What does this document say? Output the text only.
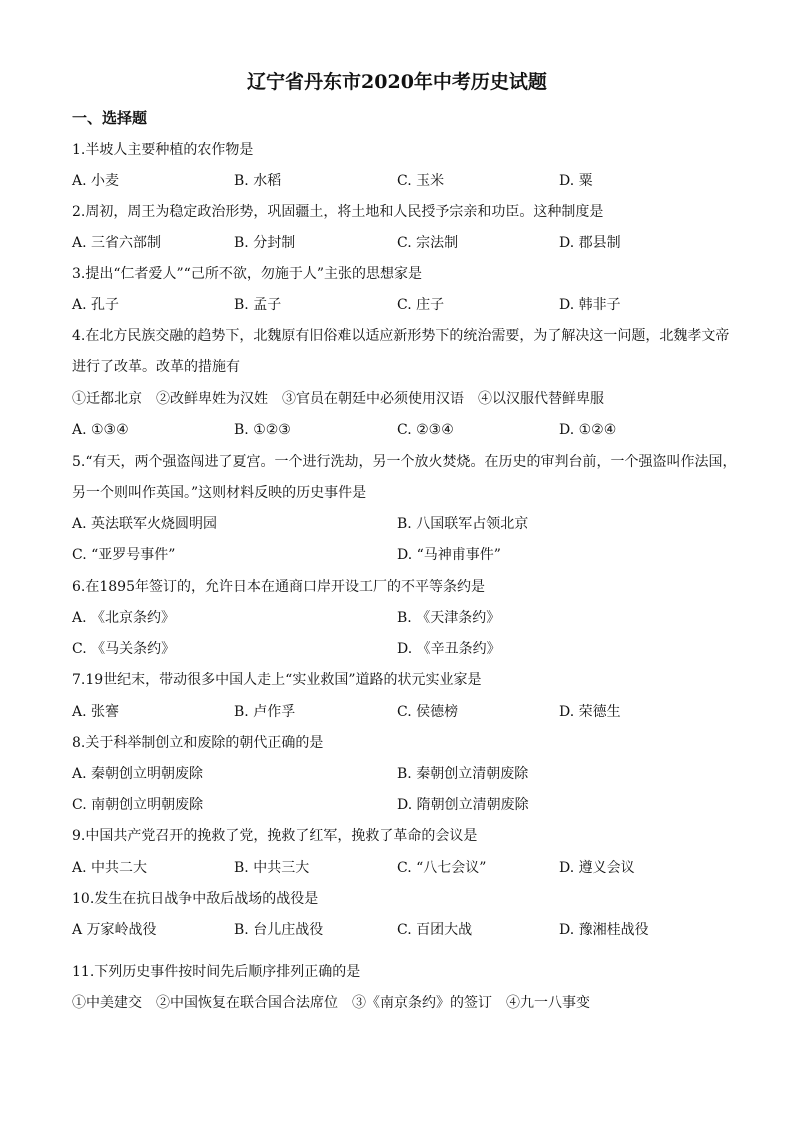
辽宁省丹东市2020年中考历史试题
一、选择题
1.半坡人主要种植的农作物是
A. 小麦	B. 水稻	C. 玉米	D. 粟
2.周初，周王为稳定政治形势，巩固疆土，将土地和人民授予宗亲和功臣。这种制度是
A. 三省六部制	B. 分封制	C. 宗法制	D. 郡县制
3.提出“仁者爱人”“己所不欲，勿施于人”主张的思想家是
A. 孔子	B. 孟子	C. 庄子	D. 韩非子
4.在北方民族交融的趋势下，北魏原有旧俗难以适应新形势下的统治需要，为了解决这一问题，北魏孝文帝
进行了改革。改革的措施有
①迁都北京　②改鲜卑姓为汉姓　③官员在朝廷中必须使用汉语　④以汉服代替鲜卑服
A. ①③④	B. ①②③	C. ②③④	D. ①②④
5.“有天，两个强盗闯进了夏宫。一个进行洗劫，另一个放火焚烧。在历史的审判台前，一个强盗叫作法国，
另一个则叫作英国。”这则材料反映的历史事件是
A. 英法联军火烧圆明园	B. 八国联军占领北京
C. “亚罗号事件”	D. “马神甫事件”
6.在1895年签订的，允许日本在通商口岸开设工厂的不平等条约是
A. 《北京条约》	B. 《天津条约》
C. 《马关条约》	D. 《辛丑条约》
7.19世纪末，带动很多中国人走上“实业救国”道路的状元实业家是
A. 张謇	B. 卢作孚	C. 侯德榜	D. 荣德生
8.关于科举制创立和废除的朝代正确的是
A. 秦朝创立明朝废除	B. 秦朝创立清朝废除
C. 南朝创立明朝废除	D. 隋朝创立清朝废除
9.中国共产党召开的挽救了党，挽救了红军，挽救了革命的会议是
A. 中共二大	B. 中共三大	C. “八七会议”	D. 遵义会议
10.发生在抗日战争中敌后战场的战役是
A 万家岭战役	B. 台儿庄战役	C. 百团大战	D. 豫湘桂战役
11.下列历史事件按时间先后顺序排列正确的是
①中美建交　②中国恢复在联合国合法席位　③《南京条约》的签订　④九一八事变
